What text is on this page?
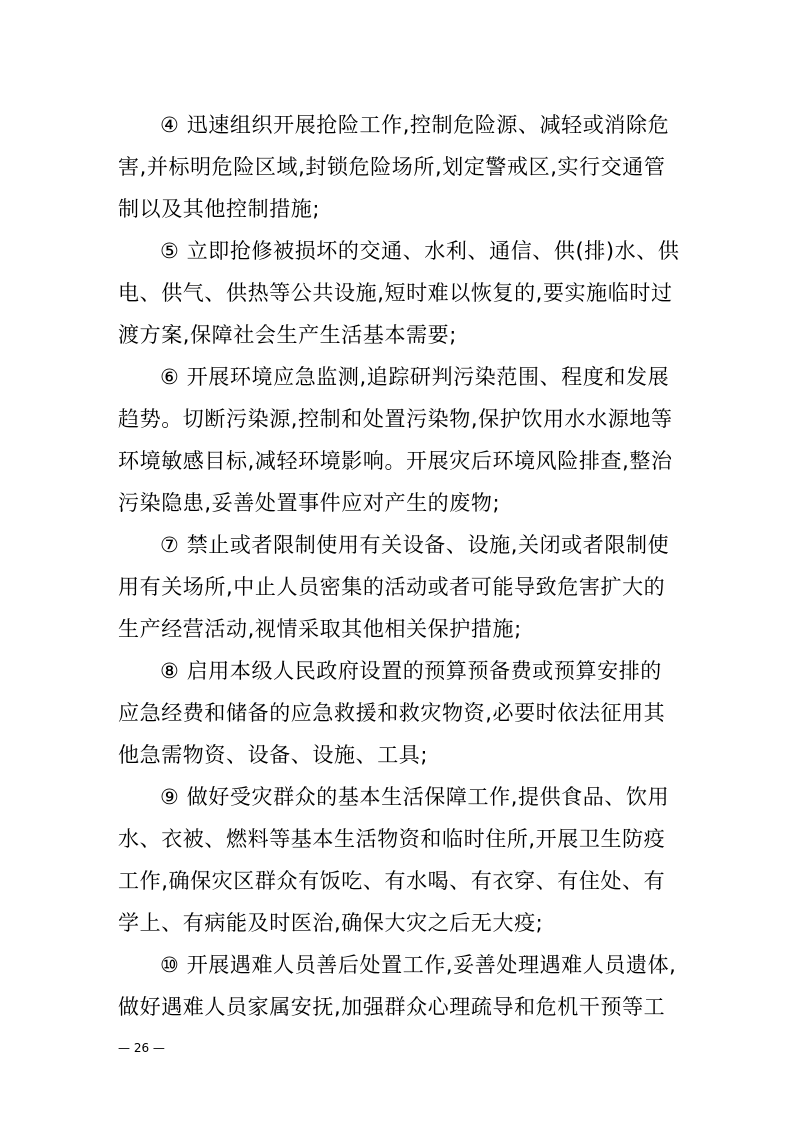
④ 迅速组织开展抢险工作,控制危险源、减轻或消除危
害,并标明危险区域,封锁危险场所,划定警戒区,实行交通管
制以及其他控制措施;
⑤ 立即抢修被损坏的交通、水利、通信、供(排)水、供
电、供气、供热等公共设施,短时难以恢复的,要实施临时过
渡方案,保障社会生产生活基本需要;
⑥ 开展环境应急监测,追踪研判污染范围、程度和发展
趋势。切断污染源,控制和处置污染物,保护饮用水水源地等
环境敏感目标,减轻环境影响。开展灾后环境风险排查,整治
污染隐患,妥善处置事件应对产生的废物;
⑦ 禁止或者限制使用有关设备、设施,关闭或者限制使
用有关场所,中止人员密集的活动或者可能导致危害扩大的
生产经营活动,视情采取其他相关保护措施;
⑧ 启用本级人民政府设置的预算预备费或预算安排的
应急经费和储备的应急救援和救灾物资,必要时依法征用其
他急需物资、设备、设施、工具;
⑨ 做好受灾群众的基本生活保障工作,提供食品、饮用
水、衣被、燃料等基本生活物资和临时住所,开展卫生防疫
工作,确保灾区群众有饭吃、有水喝、有衣穿、有住处、有
学上、有病能及时医治,确保大灾之后无大疫;
⑩ 开展遇难人员善后处置工作,妥善处理遇难人员遗体,
做好遇难人员家属安抚,加强群众心理疏导和危机干预等工
— 26 —
